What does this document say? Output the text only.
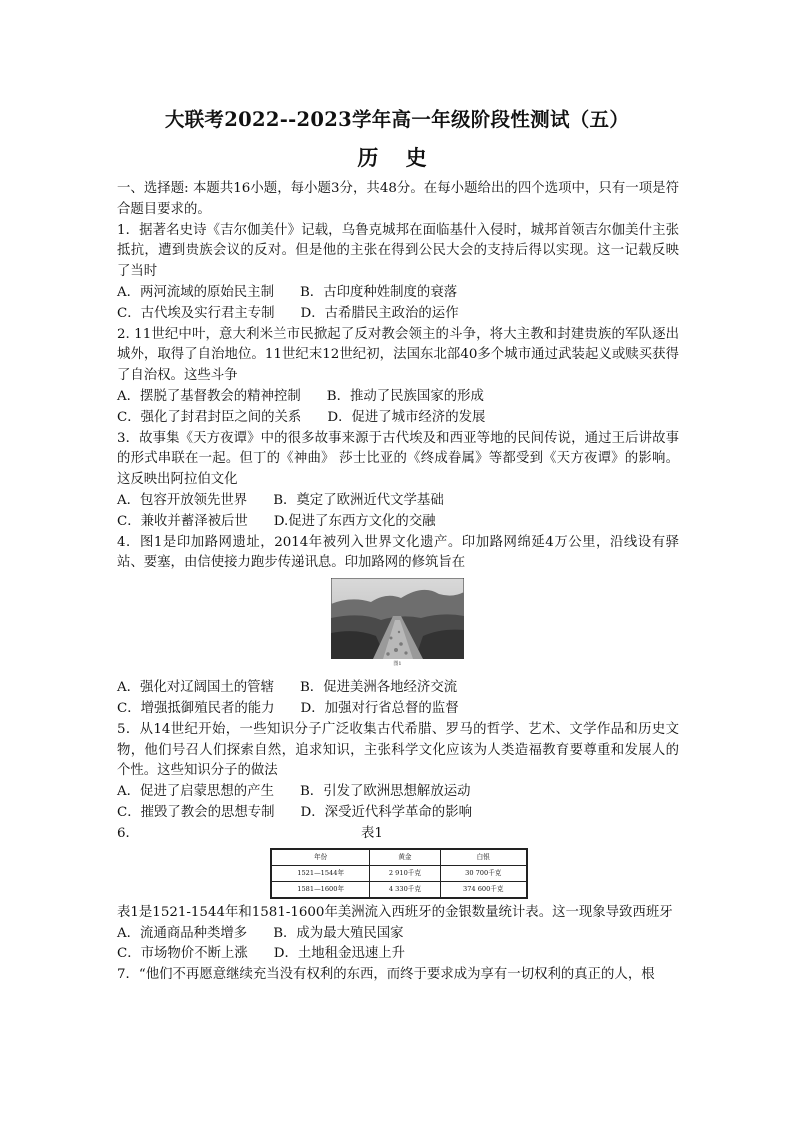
大联考2022--2023学年高一年级阶段性测试（五）
历 史

一、选择题: 本题共16小题，每小题3分，共48分。在每小题给出的四个选项中，只有一项是符合题目要求的。

1．据著名史诗《吉尔伽美什》记载，乌鲁克城邦在面临基什入侵时，城邦首领吉尔伽美什主张抵抗，遭到贵族会议的反对。但是他的主张在得到公民大会的支持后得以实现。这一记载反映了当时

A．两河流域的原始民主制 B．古印度种姓制度的衰落
C．古代埃及实行君主专制 D．古希腊民主政治的运作

2. 11世纪中叶，意大利米兰市民掀起了反对教会领主的斗争，将大主教和封建贵族的军队逐出城外，取得了自治地位。11世纪末12世纪初，法国东北部40多个城市通过武装起义或赎买获得了自治权。这些斗争

A．摆脱了基督教会的精神控制 B．推动了民族国家的形成
C．强化了封君封臣之间的关系 D．促进了城市经济的发展

3．故事集《天方夜谭》中的很多故事来源于古代埃及和西亚等地的民间传说，通过王后讲故事的形式串联在一起。但丁的《神曲》 莎士比亚的《终成眷属》等都受到《天方夜谭》的影响。这反映出阿拉伯文化

A．包容开放领先世界 B．奠定了欧洲近代文学基础
C．兼收并蓄泽被后世 D.促进了东西方文化的交融

4．图1是印加路网遗址，2014年被列入世界文化遗产。印加路网绵延4万公里，沿线设有驿站、要塞，由信使接力跑步传递讯息。印加路网的修筑旨在

图1
A．强化对辽阔国土的管辖 B．促进美洲各地经济交流
C．增强抵御殖民者的能力 D．加强对行省总督的监督

5．从14世纪开始，一些知识分子广泛收集古代希腊、罗马的哲学、艺术、文学作品和历史文物，他们号召人们探索自然，追求知识，主张科学文化应该为人类造福教育要尊重和发展人的个性。这些知识分子的做法

A．促进了启蒙思想的产生 B．引发了欧洲思想解放运动
C．摧毁了教会的思想专制 D．深受近代科学革命的影响
6．	表1
年份	黄金	白银
1521—1544年	2 910千克	30 700千克
1581—1600年	4 330千克	374 600千克

表1是1521-1544年和1581-1600年美洲流入西班牙的金银数量统计表。这一现象导致西班牙

A．流通商品种类增多 B．成为最大殖民国家
C．市场物价不断上涨 D．土地租金迅速上升

7．“他们不再愿意继续充当没有权利的东西，而终于要求成为享有一切权利的真正的人，根
